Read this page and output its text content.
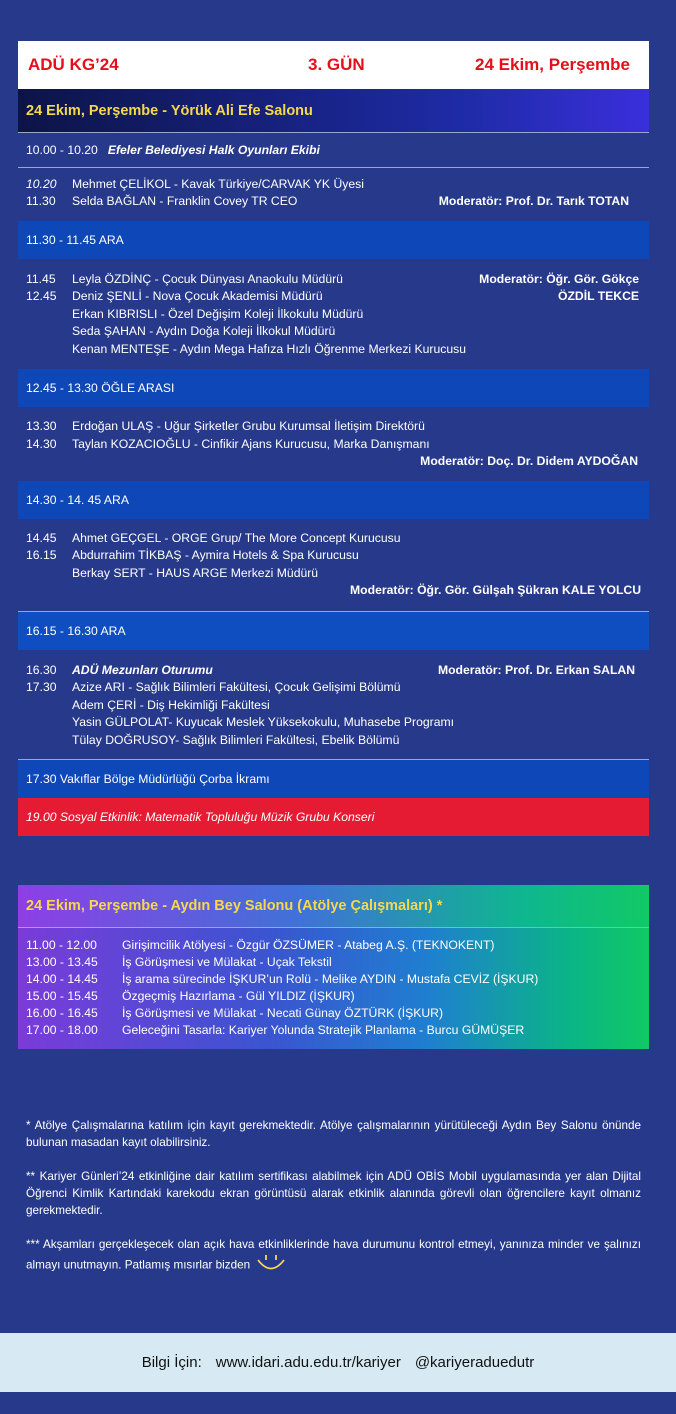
ADÜ KG’24	3. GÜN	24 Ekim, Perşembe
24 Ekim, Perşembe - Yörük Ali Efe Salonu
10.00 - 10.20 Efeler Belediyesi Halk Oyunları Ekibi
10.20	Mehmet ÇELİKOL - Kavak Türkiye/CARVAK YK Üyesi
11.30	Selda BAĞLAN - Franklin Covey TR CEO	Moderatör: Prof. Dr. Tarık TOTAN
11.30 - 11.45 ARA
11.45	Leyla ÖZDİNÇ - Çocuk Dünyası Anaokulu Müdürü
12.45	Deniz ŞENLİ - Nova Çocuk Akademisi Müdürü
Erkan KIBRISLI - Özel Değişim Koleji İlkokulu Müdürü
Seda ŞAHAN - Aydın Doğa Koleji İlkokul Müdürü
Kenan MENTEŞE - Aydın Mega Hafıza Hızlı Öğrenme Merkezi Kurucusu
Moderatör: Öğr. Gör. Gökçe
ÖZDİL TEKCE
12.45 - 13.30 ÖĞLE ARASI
13.30	Erdoğan ULAŞ - Uğur Şirketler Grubu Kurumsal İletişim Direktörü
14.30	Taylan KOZACIOĞLU - Cinfikir Ajans Kurucusu, Marka Danışmanı
Moderatör: Doç. Dr. Didem AYDOĞAN
14.30 - 14. 45 ARA
14.45	Ahmet GEÇGEL - ORGE Grup/ The More Concept Kurucusu
16.15	Abdurrahim TİKBAŞ - Aymira Hotels & Spa Kurucusu
Berkay SERT - HAUS ARGE Merkezi Müdürü
Moderatör: Öğr. Gör. Gülşah Şükran KALE YOLCU
16.15 - 16.30 ARA
16.30	ADÜ Mezunları Oturumu	Moderatör: Prof. Dr. Erkan SALAN
17.30	Azize ARI - Sağlık Bilimleri Fakültesi, Çocuk Gelişimi Bölümü
Adem ÇERİ - Diş Hekimliği Fakültesi
Yasin GÜLPOLAT- Kuyucak Meslek Yüksekokulu, Muhasebe Programı
Tülay DOĞRUSOY- Sağlık Bilimleri Fakültesi, Ebelik Bölümü
17.30 Vakıflar Bölge Müdürlüğü Çorba İkramı
19.00 Sosyal Etkinlik: Matematik Topluluğu Müzik Grubu Konseri
24 Ekim, Perşembe - Aydın Bey Salonu (Atölye Çalışmaları) *
11.00 - 12.00	Girişimcilik Atölyesi - Özgür ÖZSÜMER - Atabeg A.Ş. (TEKNOKENT)
13.00 - 13.45	İş Görüşmesi ve Mülakat - Uçak Tekstil
14.00 - 14.45	İş arama sürecinde İŞKUR’un Rolü - Melike AYDIN - Mustafa CEVİZ (İŞKUR)
15.00 - 15.45	Özgeçmiş Hazırlama - Gül YILDIZ (İŞKUR)
16.00 - 16.45	İş Görüşmesi ve Mülakat - Necati Günay ÖZTÜRK (İŞKUR)
17.00 - 18.00	Geleceğini Tasarla: Kariyer Yolunda Stratejik Planlama - Burcu GÜMÜŞER

* Atölye Çalışmalarına katılım için kayıt gerekmektedir. Atölye çalışmalarının yürütüleceği Aydın Bey Salonu önünde bulunan masadan kayıt olabilirsiniz.

** Kariyer Günleri’24 etkinliğine dair katılım sertifikası alabilmek için ADÜ OBİS Mobil uygulamasında yer alan Dijital Öğrenci Kimlik Kartındaki karekodu ekran görüntüsü alarak etkinlik alanında görevli olan öğrencilere kayıt olmanız gerekmektedir.

*** Akşamları gerçekleşecek olan açık hava etkinliklerinde hava durumunu kontrol etmeyi, yanınıza minder ve şalınızı almayı unutmayın. Patlamış mısırlar bizden

Bilgi İçin: www.idari.adu.edu.tr/kariyer @kariyeraduedutr
